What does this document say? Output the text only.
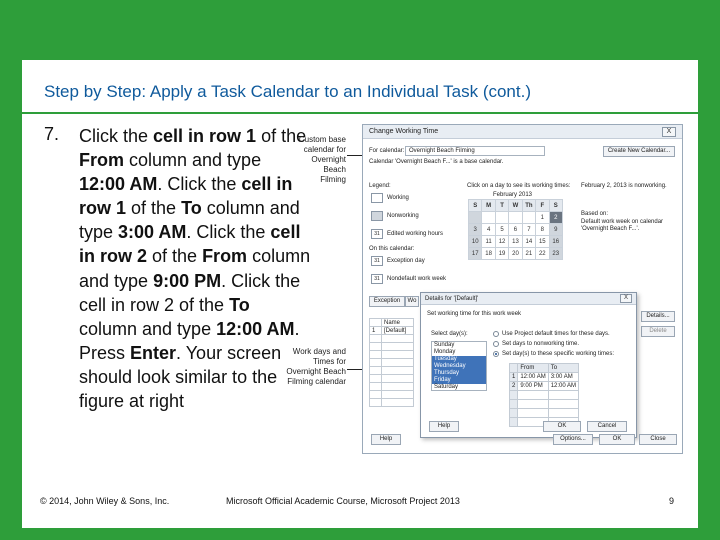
Step by Step: Apply a Task Calendar to an Individual Task (cont.)
7. Click the cell in row 1 of the From column and type 12:00 AM. Click the cell in row 1 of the To column and type 3:00 AM. Click the cell in row 2 of the From column and type 9:00 PM. Click the cell in row 2 of the To column and type 12:00 AM. Press Enter. Your screen should look similar to the figure at right
Custom base calendar for Overnight Beach Filming
Work days and Times for Overnight Beach Filming calendar
Change Working Time	X
For calendar: Overnight Beach Filming	Create New Calendar...
Calendar 'Overnight Beach F...' is a base calendar.
Legend:
Working
Nonworking
31	Edited working hours
On this calendar:
31	Exception day
31	Nondefault work week
Click on a day to see its working times: February 2, 2013 is nonworking.
February 2013
S	M	T	W	Th	F	S
					1	2
3	4	5	6	7	8	9
10	11	12	13	14	15	16
17	18	19	20	21	22	23
Based on:
Default work week on calendar 'Overnight Beach F...'.
Exception	Wo
	Name
1	[Default]

Details...
Delete
Details for '[Default]'	X
Set working time for this work week
Select day(s):
Sunday
Monday
Tuesday
Wednesday
Thursday
Friday
Saturday
Use Project default times for these days.
Set days to nonworking time.
Set day(s) to these specific working times:
	From	To
1	12:00 AM	3:00 AM
2	9:00 PM	12:00 AM

Help	OK	Cancel
Help	Options...	OK	Close
© 2014, John Wiley & Sons, Inc.	Microsoft Official Academic Course, Microsoft Project 2013	9
